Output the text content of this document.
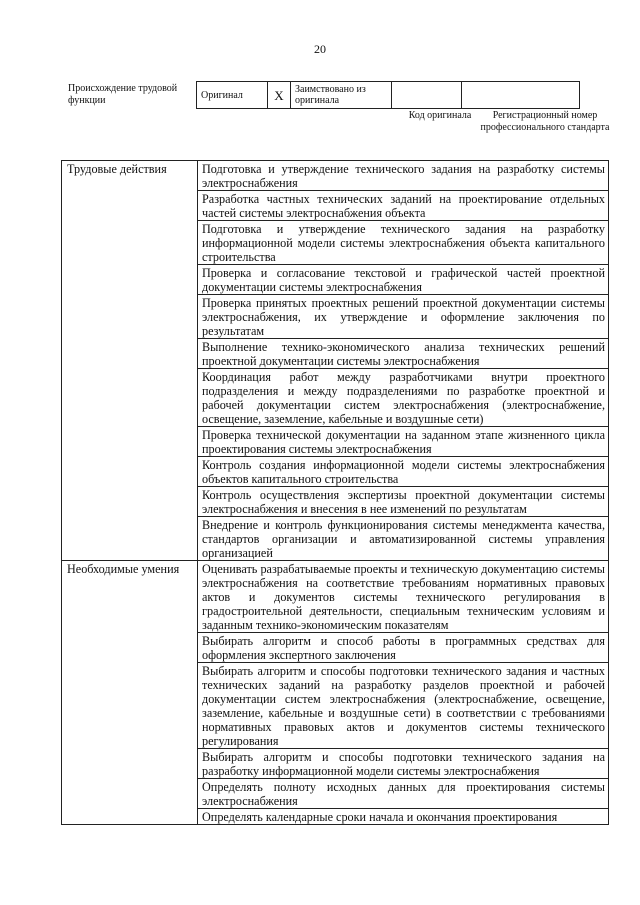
20
Происхождение трудовой функции	Оригинал	X	Заимствовано из оригинала		
Код оригинала	Регистрационный номер профессионального стандарта
Трудовые действия	Подготовка и утверждение технического задания на разработку системы электроснабжения
	Разработка частных технических заданий на проектирование отдельных частей системы электроснабжения объекта
	Подготовка и утверждение технического задания на разработку информационной модели системы электроснабжения объекта капитального строительства
	Проверка и согласование текстовой и графической частей проектной документации системы электроснабжения
	Проверка принятых проектных решений проектной документации системы электроснабжения, их утверждение и оформление заключения по результатам
	Выполнение технико-экономического анализа технических решений проектной документации системы электроснабжения
	Координация работ между разработчиками внутри проектного подразделения и между подразделениями по разработке проектной и рабочей документации систем электроснабжения (электроснабжение, освещение, заземление, кабельные и воздушные сети)
	Проверка технической документации на заданном этапе жизненного цикла проектирования системы электроснабжения
	Контроль создания информационной модели системы электроснабжения объектов капитального строительства
	Контроль осуществления экспертизы проектной документации системы электроснабжения и внесения в нее изменений по результатам
	Внедрение и контроль функционирования системы менеджмента качества, стандартов организации и автоматизированной системы управления организацией
Необходимые умения	Оценивать разрабатываемые проекты и техническую документацию системы электроснабжения на соответствие требованиям нормативных правовых актов и документов системы технического регулирования в градостроительной деятельности, специальным техническим условиям и заданным технико-экономическим показателям
	Выбирать алгоритм и способ работы в программных средствах для оформления экспертного заключения
	Выбирать алгоритм и способы подготовки технического задания и частных технических заданий на разработку разделов проектной и рабочей документации систем электроснабжения (электроснабжение, освещение, заземление, кабельные и воздушные сети) в соответствии с требованиями нормативных правовых актов и документов системы технического регулирования
	Выбирать алгоритм и способы подготовки технического задания на разработку информационной модели системы электроснабжения
	Определять полноту исходных данных для проектирования системы электроснабжения
	Определять календарные сроки начала и окончания проектирования
